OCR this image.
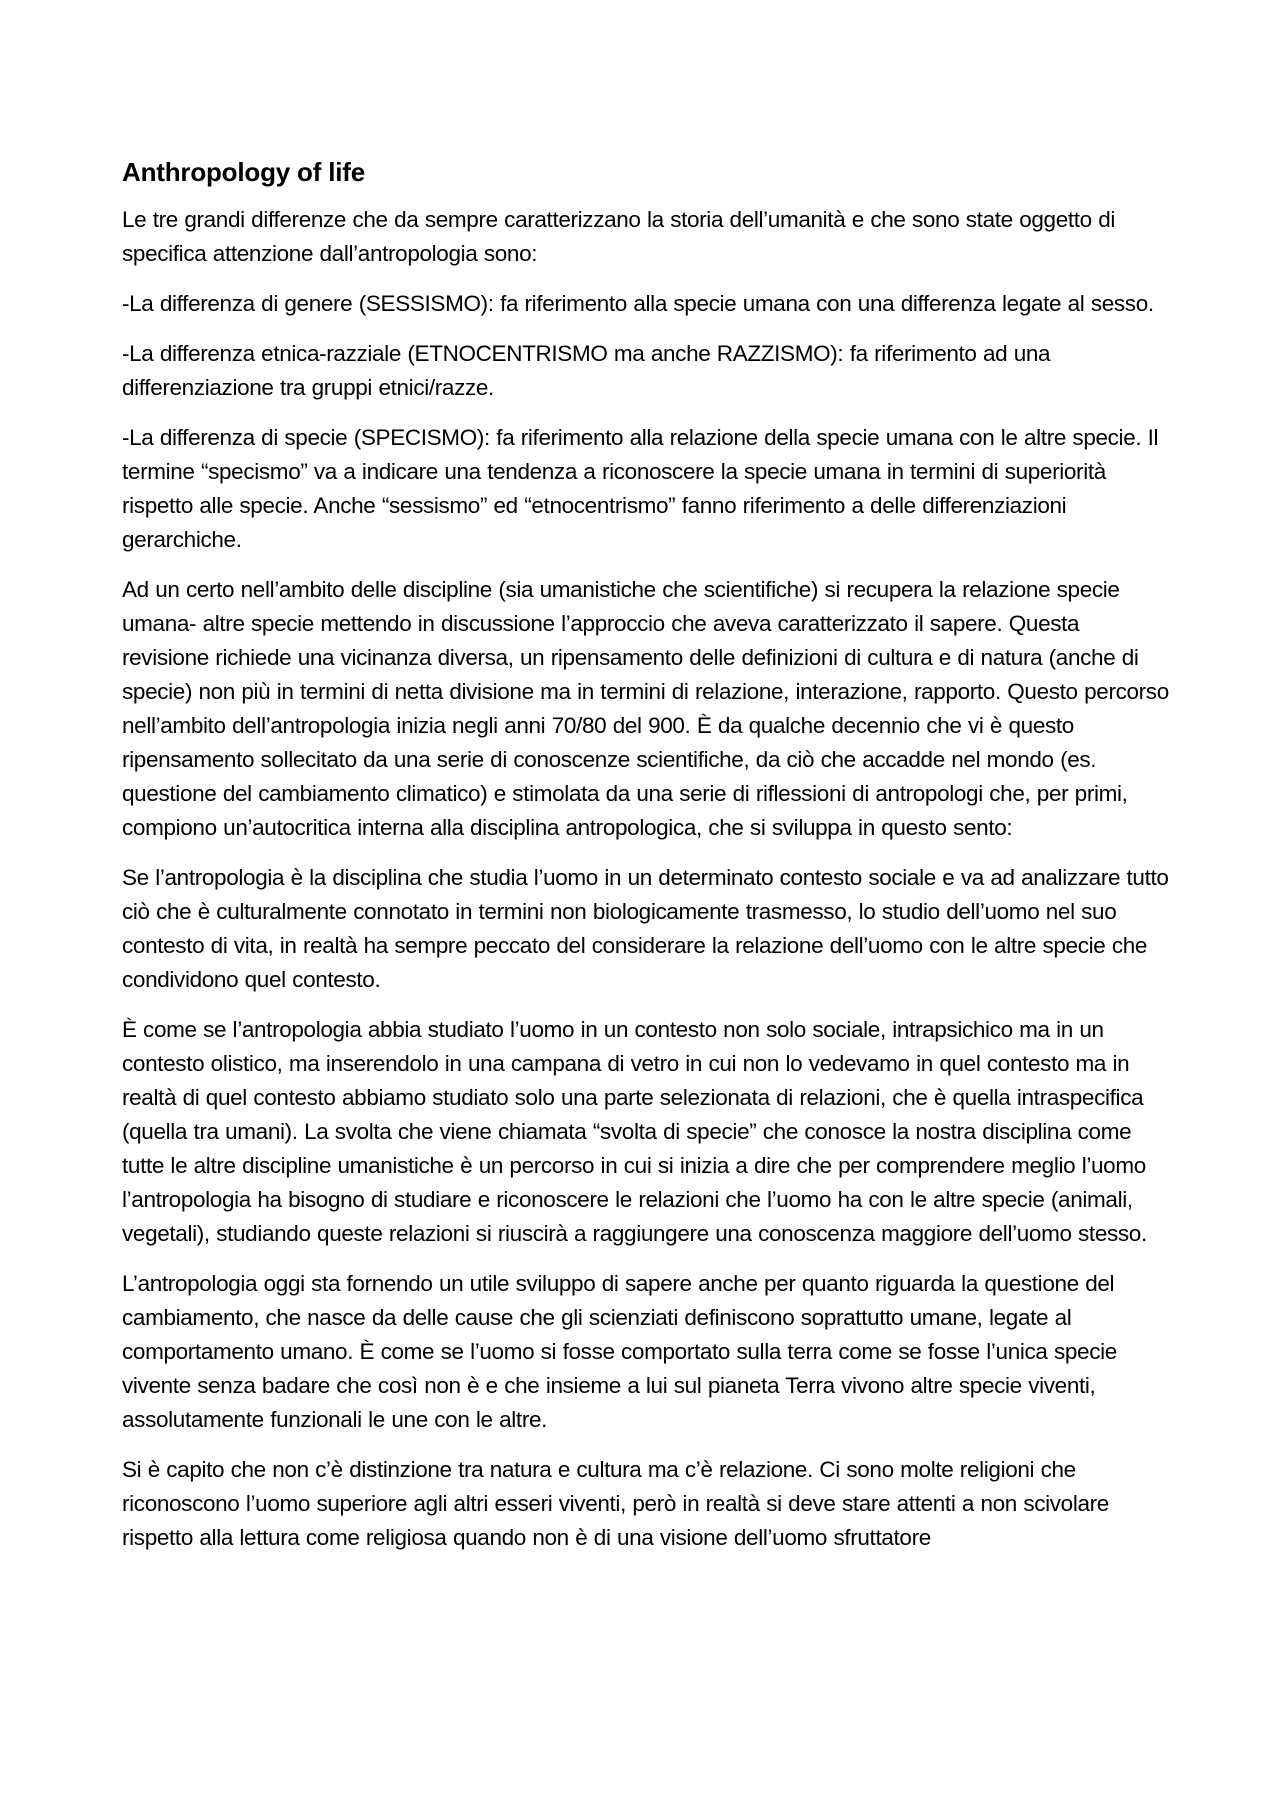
Anthropology of life

Le tre grandi differenze che da sempre caratterizzano la storia dell’umanità e che sono state oggetto di specifica attenzione dall’antropologia sono:

-La differenza di genere (SESSISMO): fa riferimento alla specie umana con una differenza legate al sesso.

-La differenza etnica-razziale (ETNOCENTRISMO ma anche RAZZISMO): fa riferimento ad una differenziazione tra gruppi etnici/razze.

-La differenza di specie (SPECISMO): fa riferimento alla relazione della specie umana con le altre specie. Il termine “specismo” va a indicare una tendenza a riconoscere la specie umana in termini di superiorità rispetto alle specie. Anche “sessismo” ed “etnocentrismo” fanno riferimento a delle differenziazioni gerarchiche.

Ad un certo nell’ambito delle discipline (sia umanistiche che scientifiche) si recupera la relazione specie umana- altre specie mettendo in discussione l’approccio che aveva caratterizzato il sapere. Questa revisione richiede una vicinanza diversa, un ripensamento delle definizioni di cultura e di natura (anche di specie) non più in termini di netta divisione ma in termini di relazione, interazione, rapporto. Questo percorso nell’ambito dell’antropologia inizia negli anni 70/80 del 900. È da qualche decennio che vi è questo ripensamento sollecitato da una serie di conoscenze scientifiche, da ciò che accadde nel mondo (es. questione del cambiamento climatico) e stimolata da una serie di riflessioni di antropologi che, per primi, compiono un’autocritica interna alla disciplina antropologica, che si sviluppa in questo sento:

Se l’antropologia è la disciplina che studia l’uomo in un determinato contesto sociale e va ad analizzare tutto ciò che è culturalmente connotato in termini non biologicamente trasmesso, lo studio dell’uomo nel suo contesto di vita, in realtà ha sempre peccato del considerare la relazione dell’uomo con le altre specie che condividono quel contesto.

È come se l’antropologia abbia studiato l’uomo in un contesto non solo sociale, intrapsichico ma in un contesto olistico, ma inserendolo in una campana di vetro in cui non lo vedevamo in quel contesto ma in realtà di quel contesto abbiamo studiato solo una parte selezionata di relazioni, che è quella intraspecifica (quella tra umani). La svolta che viene chiamata “svolta di specie” che conosce la nostra disciplina come tutte le altre discipline umanistiche è un percorso in cui si inizia a dire che per comprendere meglio l’uomo l’antropologia ha bisogno di studiare e riconoscere le relazioni che l’uomo ha con le altre specie (animali, vegetali), studiando queste relazioni si riuscirà a raggiungere una conoscenza maggiore dell’uomo stesso.

L’antropologia oggi sta fornendo un utile sviluppo di sapere anche per quanto riguarda la questione del cambiamento, che nasce da delle cause che gli scienziati definiscono soprattutto umane, legate al comportamento umano. È come se l’uomo si fosse comportato sulla terra come se fosse l’unica specie vivente senza badare che così non è e che insieme a lui sul pianeta Terra vivono altre specie viventi, assolutamente funzionali le une con le altre.

Si è capito che non c’è distinzione tra natura e cultura ma c’è relazione. Ci sono molte religioni che riconoscono l’uomo superiore agli altri esseri viventi, però in realtà si deve stare attenti a non scivolare rispetto alla lettura come religiosa quando non è di una visione dell’uomo sfruttatore
